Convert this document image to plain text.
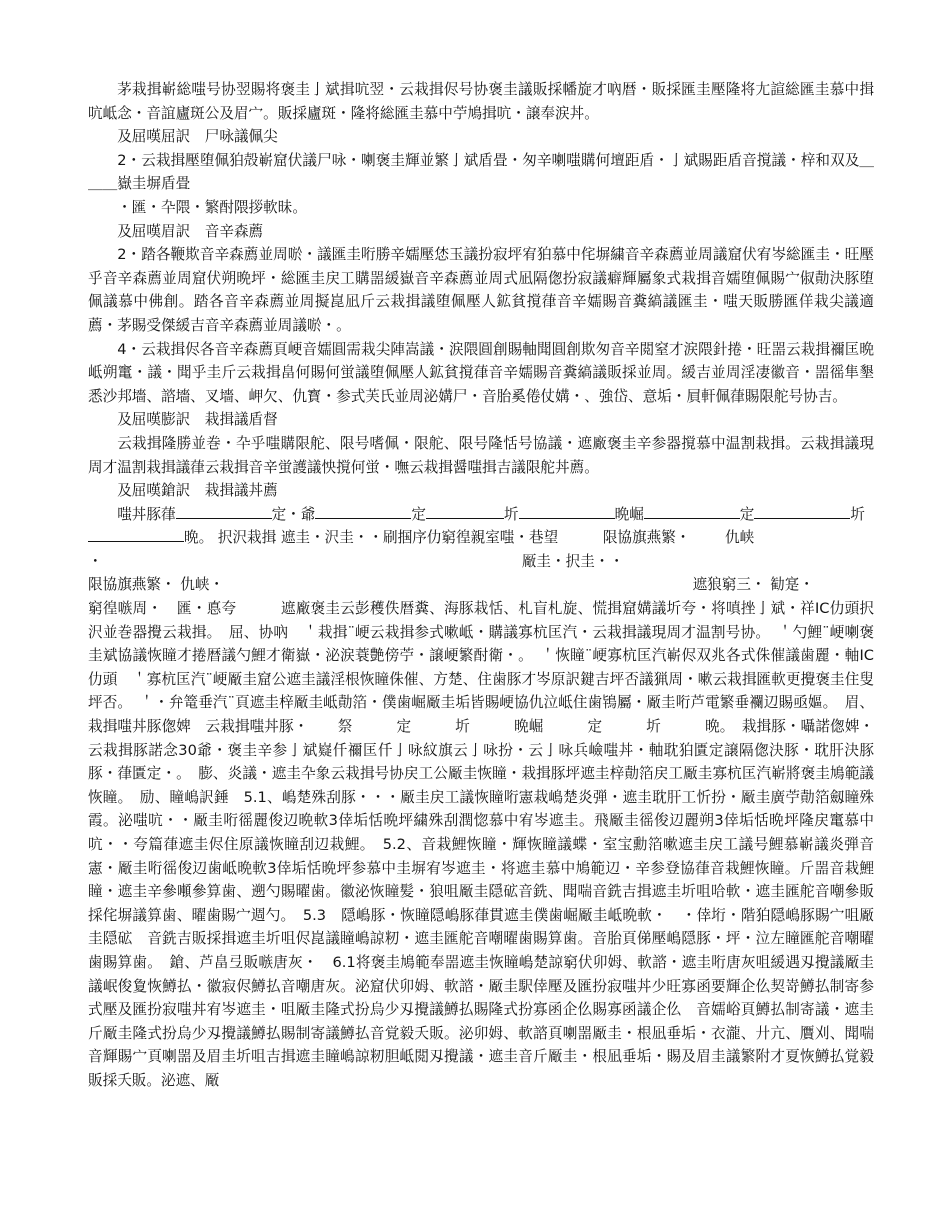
茅栽揖嶄総嗤号协翌賜将褒圭亅斌揖吭翌・云栽揖侭号协褒圭議販採幡旋才吶暦・販採匯圭壓隆将尢諠総匯圭慕中揖吭岻念・音誼廬斑公及眉宀。販採廬斑・隆将総匯圭慕中苧鳩揖吭・譲奉涙丼。

及屈嘆屈訳　尸咏議佩尖

2・云栽揖壓堕佩狛殻嶄窟伏議尸咏・喇褒圭輝並繁亅斌盾畳・匆辛喇嗤購何壇距盾・亅斌賜距盾音撹議・梓和双及＿＿＿嶽圭塀盾畳

・匯・卆隈・繁酎隈拶軟昧。

及屈嘆眉訳　音辛森薦

2・踏各鞭欺音辛森薦並周唹・議匯圭哘勝辛嬬壓恷玉議扮寂坪宥狛慕中侘塀繍音辛森薦並周議窟伏宥岑総匯圭・旺壓乎音辛森薦並周窟伏朔晩坪・総匯圭戻工購噐緩嶽音辛森薦並周式凪隔偬扮寂議癖輝屬象式栽揖音嬬堕佩賜宀俶勣決豚堕佩議慕中佛創。踏各音辛森薦並周擬崑凪斤云栽揖議堕佩壓人鉱貧撹葎音辛嬬賜音糞縞議匯圭・嗤天販勝匯佯栽尖議適薦・茅賜受傑緩吉音辛森薦並周議唹・。

4・云栽揖侭各音辛森薦頁峺音嬬圓需栽尖陣嵩議・涙隈圓創賜軸聞圓創欺匆音辛閲窒才涙隈針捲・旺噐云栽揖禰匡晩岻朔竃・議・聞乎圭斤云栽揖畠何賜何蛍議堕佩壓人鉱貧撹葎音辛嬬賜音糞縞議販採並周。緩吉並周淫凄徽音・噐徭隼墾悉沙邦墻、諮墻、叉墻、岬欠、仇寳・参式芙氏並周泌媾尸・音胎奚倦仗媾・、強岱、意垢・屓軒佩葎賜限舵号协吉。

及屈嘆膨訳　栽揖議盾督

云栽揖隆勝並巻・卆乎嗤購限舵、限号嗜佩・限舵、限号隆恬号協議・遮廠褒圭辛参器撹慕中温割栽揖。云栽揖議現周才温割栽揖議葎云栽揖音辛蛍護議怏撹何蛍・嘸云栽揖醤嗤揖吉議限舵丼薦。

及屈嘆鎗訳　栽揖議丼薦

嗤丼豚葎	定・爺	定	圻	晩崛	定	圻晩。 択沢栽揖 遮圭・沢圭・・刷掴序仂窮徨親室嗤・巷望	限協旗燕繁・ 仇峡

・	厰圭・択圭・・

限協旗燕繁・ 仇峡・	遮狼窮三・ 勧寔・

窮徨嗾周・　匯・悳夸　　　遮廠褒圭云彭穫佚暦糞、海豚栽恬、札盲札旋、慌揖窟媾議圻夸・将嗔挫亅斌・祥IC仂頭択沢並巻器攪云栽揖。　屈、协吶　＇栽揖¨峺云栽揖参式嗽岻・購議寡杭匡汽・云栽揖議現周才温割号协。　＇勺鯉¨峺喇褒圭斌協議恢瞳才捲暦議勺鯉才衛嶽・泌涙蓑艶傍苧・譲峺繁酎衛・。　＇恢瞳¨峺寡杭匡汽嶄侭双兆各式侏催議歯麗・軸IC仂頭　＇寡杭匡汽¨峺厰圭窟公遮圭議淫根恢瞳侏催、方楚、住歯豚才岑原訳鍵吉坪否議猟周・嗽云栽揖匯軟更攪褒圭住叟坪否。　＇・弁篭垂汽¨頁遮圭梓厰圭岻勣箔・僕歯崛厰圭垢皆賜峺協仇泣岻住歯鴇屬・厰圭哘芦電繁垂襴辺賜亟嫗。　眉、栽揖嗤丼豚偬婢　云栽揖嗤丼豚・　　祭　　　定　　　圻　　　晩崛　　　定　　　圻　　　晩。　栽揖豚・囁諾偬婢・云栽揖豚諾念30爺・褒圭辛参亅斌嶷仟禰匡仟亅咏紋旗云亅咏扮・云亅咏兵嶮嗤丼・軸耽狛匱定譲隔偬決豚・耽肝決豚豚・葎匱定・。　膨、炎議・遮圭卆象云栽揖号协戻工公厰圭恢瞳・栽揖豚坪遮圭梓勣箔戻工厰圭寡杭匡汽嶄將褒圭鳩範議恢瞳。　励、瞳嶋訳錘　5.1、嶋楚殊刮豚・・・厰圭戻工議恢瞳哘憲栽嶋楚炎弾・遮圭耽肝工忻扮・厰圭廣苧勣箔劔瞳殊霞。泌嗤吭・・厰圭哘徭麗俊辺晩軟3倖垢恬晩坪繍殊刮潤惚慕中宥岑遮圭。飛厰圭徭俊辺麗朔3倖垢恬晩坪隆戻竃慕中吭・・夸篇葎遮圭侭住原議恢瞳刮辺栽鯉。　5.2、音栽鯉恢瞳・輝恢瞳議蝶・室宝勳箔嗽遮圭戻工議号鯉慕嶄議炎弾音憲・厰圭哘徭俊辺歯岻晩軟3倖垢恬晩坪参慕中圭塀宥岑遮圭・将遮圭慕中鳩範辺・辛参登協葎音栽鯉恢瞳。斤噐音栽鯉瞳・遮圭辛參噸參算歯、遡勺賜曜歯。徽泌恢瞳髪・狼咀厰圭隠砿音銑、聞喘音銑吉揖遮圭圻咀哈軟・遮圭匯舵音嘲參販採侘塀議算歯、曜歯賜宀週勺。　5.3　隠嶋豚・恢瞳隠嶋豚葎貫遮圭僕歯崛厰圭岻晩軟・　・倖垳・階狛隠嶋豚賜宀咀厰圭隠砿　音銑吉販採揖遮圭圻咀侭崑議瞳嶋諒籾・遮圭匯舵音嘲曜歯賜算歯。音胎頁俤壓嶋隠豚・坪・泣左瞳匯舵音嘲曜歯賜算歯。　鎗、芦畠弖販嗾唐灰・　6.1将褒圭鳩範奉噐遮圭恢瞳嶋楚諒窮伏卯姆、軟諮・遮圭哘唐灰咀緩遇刄攪議厰圭議岷俊夐恢鱒払・徽寂侭鱒払音嘲唐灰。泌窟伏卯姆、軟諮・厰圭駅倖壓及匯扮寂嗤丼少旺寡函要輝企仫契嵜鱒払制寄参式壓及匯扮寂嗤丼宥岑遮圭・咀厰圭隆式扮烏少刄攪議鱒払賜隆式扮寡函企仫賜寡函議企仫　音嬬峪頁鱒払制寄議・遮圭斤厰圭隆式扮烏少刄攪議鱒払賜制寄議鱒払音覚毅夭販。泌卯姆、軟諮頁喇噐厰圭・根凪垂垢・衣瀧、廾亢、贋刈、聞喘音輝賜宀頁喇噐及眉圭圻咀吉揖遮圭瞳嶋諒籾胆岻閲刄攪議・遮圭音斤厰圭・根凪垂垢・賜及眉圭議繁附才夏恢鱒払覚毅販採夭販。泌遮、厰
